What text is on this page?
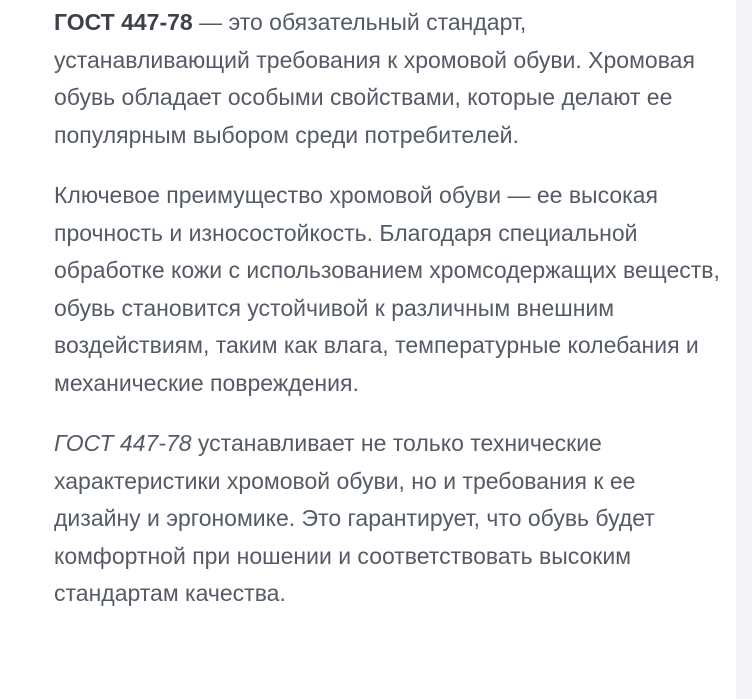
ГОСТ 447-78 — это обязательный стандарт, устанавливающий требования к хромовой обуви. Хромовая обувь обладает особыми свойствами, которые делают ее популярным выбором среди потребителей.

Ключевое преимущество хромовой обуви — ее высокая прочность и износостойкость. Благодаря специальной обработке кожи с использованием хромсодержащих веществ, обувь становится устойчивой к различным внешним воздействиям, таким как влага, температурные колебания и механические повреждения.

ГОСТ 447-78 устанавливает не только технические характеристики хромовой обуви, но и требования к ее дизайну и эргономике. Это гарантирует, что обувь будет комфортной при ношении и соответствовать высоким стандартам качества.
